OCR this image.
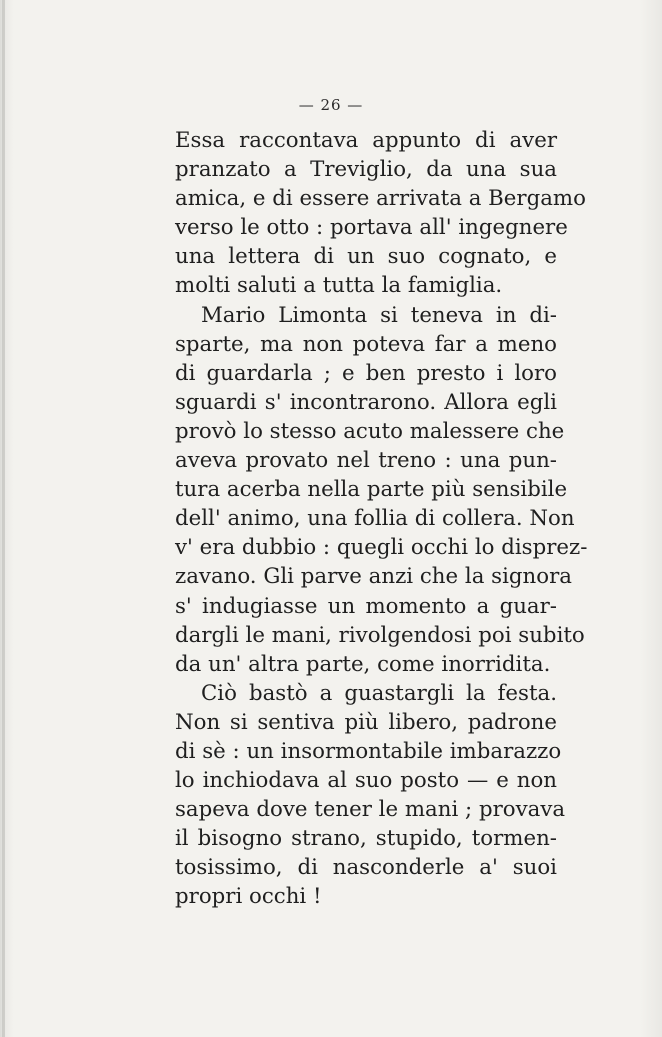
— 26 —
Essa raccontava appunto di aver
pranzato a Treviglio, da una sua
amica, e di essere arrivata a Bergamo
verso le otto : portava all' ingegnere
una lettera di un suo cognato, e
molti saluti a tutta la famiglia.
Mario Limonta si teneva in di-
sparte, ma non poteva far a meno
di guardarla ; e ben presto i loro
sguardi s' incontrarono. Allora egli
provò lo stesso acuto malessere che
aveva provato nel treno : una pun-
tura acerba nella parte più sensibile
dell' animo, una follia di collera. Non
v' era dubbio : quegli occhi lo disprez-
zavano. Gli parve anzi che la signora
s' indugiasse un momento a guar-
dargli le mani, rivolgendosi poi subito
da un' altra parte, come inorridita.
Ciò bastò a guastargli la festa.
Non si sentiva più libero, padrone
di sè : un insormontabile imbarazzo
lo inchiodava al suo posto — e non
sapeva dove tener le mani ; provava
il bisogno strano, stupido, tormen-
tosissimo, di nasconderle a' suoi
propri occhi !
